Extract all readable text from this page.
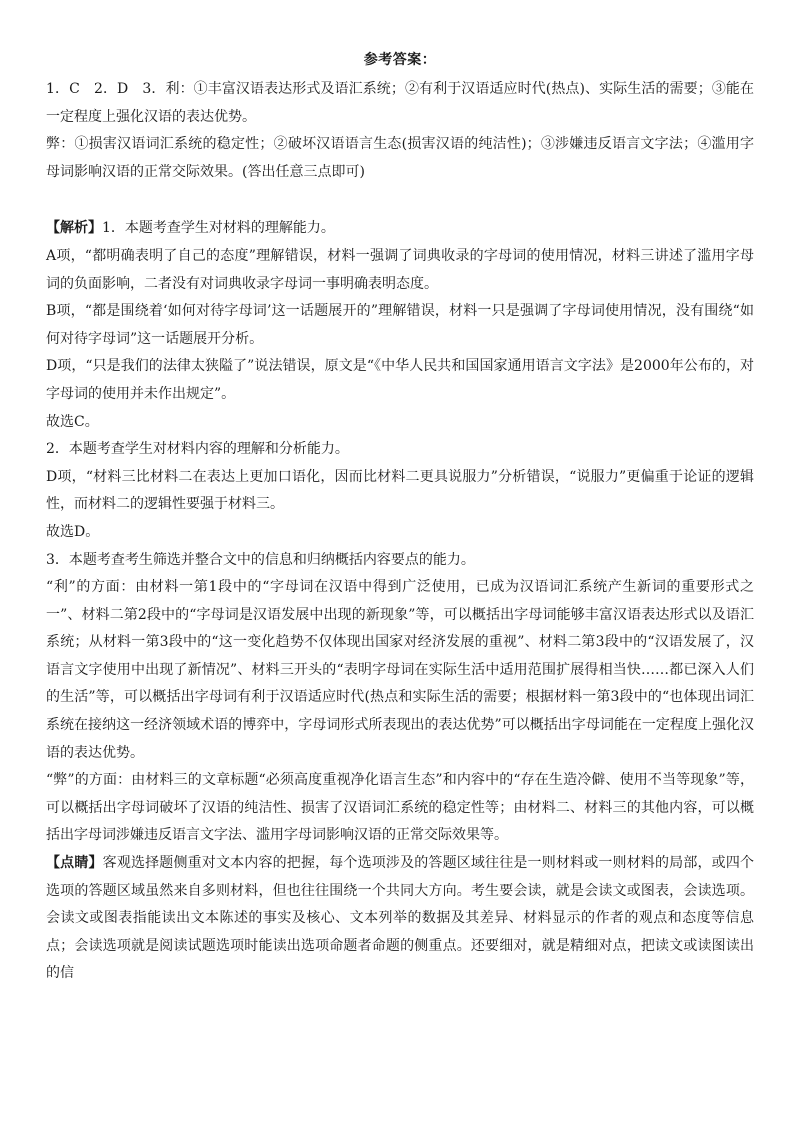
参考答案：

1．C　2．D　3．利：①丰富汉语表达形式及语汇系统；②有利于汉语适应时代(热点)、实际生活的需要；③能在一定程度上强化汉语的表达优势。

弊：①损害汉语词汇系统的稳定性；②破坏汉语语言生态(损害汉语的纯洁性)；③涉嫌违反语言文字法；④滥用字母词影响汉语的正常交际效果。(答出任意三点即可)

【解析】1．本题考查学生对材料的理解能力。

A项，“都明确表明了自己的态度”理解错误，材料一强调了词典收录的字母词的使用情况，材料三讲述了滥用字母词的负面影响，二者没有对词典收录字母词一事明确表明态度。

B项，“都是围绕着‘如何对待字母词’这一话题展开的”理解错误，材料一只是强调了字母词使用情况，没有围绕“如何对待字母词”这一话题展开分析。

D项，“只是我们的法律太狭隘了”说法错误，原文是“《中华人民共和国国家通用语言文字法》是2000年公布的，对字母词的使用并未作出规定”。

故选C。

2．本题考查学生对材料内容的理解和分析能力。

D项，“材料三比材料二在表达上更加口语化，因而比材料二更具说服力”分析错误，“说服力”更偏重于论证的逻辑性，而材料二的逻辑性要强于材料三。

故选D。

3．本题考查考生筛选并整合文中的信息和归纳概括内容要点的能力。

“利”的方面：由材料一第1段中的“字母词在汉语中得到广泛使用，已成为汉语词汇系统产生新词的重要形式之一”、材料二第2段中的“字母词是汉语发展中出现的新现象”等，可以概括出字母词能够丰富汉语表达形式以及语汇系统；从材料一第3段中的“这一变化趋势不仅体现出国家对经济发展的重视”、材料二第3段中的“汉语发展了，汉语言文字使用中出现了新情况”、材料三开头的“表明字母词在实际生活中适用范围扩展得相当快……都已深入人们的生活”等，可以概括出字母词有利于汉语适应时代(热点和实际生活的需要；根据材料一第3段中的“也体现出词汇系统在接纳这一经济领域术语的博弈中，字母词形式所表现出的表达优势”可以概括出字母词能在一定程度上强化汉语的表达优势。

“弊”的方面：由材料三的文章标题“必须高度重视净化语言生态”和内容中的“存在生造冷僻、使用不当等现象”等，可以概括出字母词破坏了汉语的纯洁性、损害了汉语词汇系统的稳定性等；由材料二、材料三的其他内容，可以概括出字母词涉嫌违反语言文字法、滥用字母词影响汉语的正常交际效果等。

【点睛】客观选择题侧重对文本内容的把握，每个选项涉及的答题区域往往是一则材料或一则材料的局部，或四个选项的答题区域虽然来自多则材料，但也往往围绕一个共同大方向。考生要会读，就是会读文或图表，会读选项。会读文或图表指能读出文本陈述的事实及核心、文本列举的数据及其差异、材料显示的作者的观点和态度等信息点；会读选项就是阅读试题选项时能读出选项命题者命题的侧重点。还要细对，就是精细对点，把读文或读图读出的信
